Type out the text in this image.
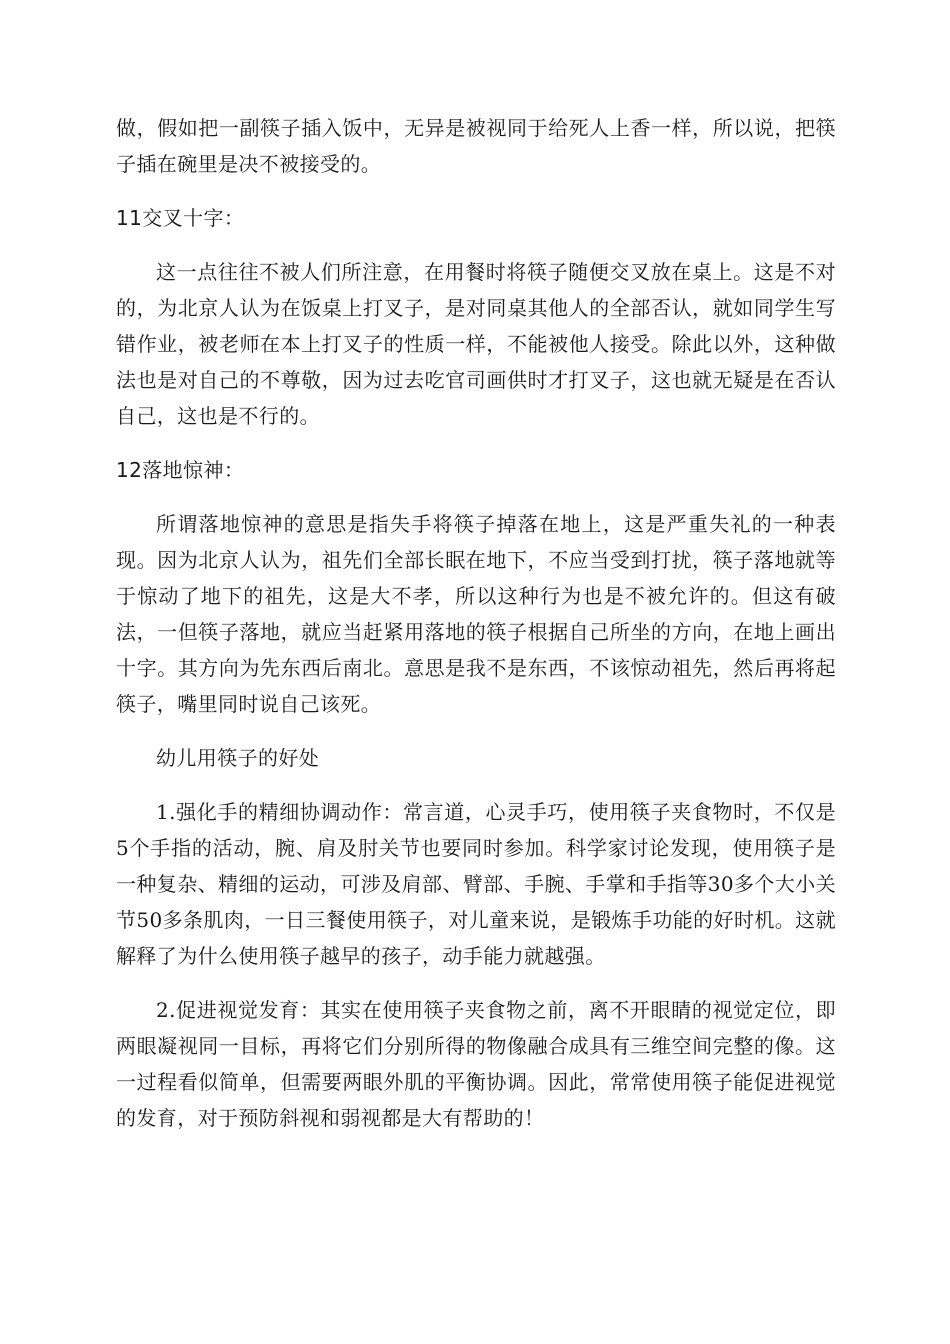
做，假如把一副筷子插入饭中，无异是被视同于给死人上香一样，所以说，把筷子插在碗里是决不被接受的。

11交叉十字：

这一点往往不被人们所注意，在用餐时将筷子随便交叉放在桌上。这是不对的，为北京人认为在饭桌上打叉子，是对同桌其他人的全部否认，就如同学生写错作业，被老师在本上打叉子的性质一样，不能被他人接受。除此以外，这种做法也是对自己的不尊敬，因为过去吃官司画供时才打叉子，这也就无疑是在否认自己，这也是不行的。

12落地惊神：

所谓落地惊神的意思是指失手将筷子掉落在地上，这是严重失礼的一种表现。因为北京人认为，祖先们全部长眠在地下，不应当受到打扰，筷子落地就等于惊动了地下的祖先，这是大不孝，所以这种行为也是不被允许的。但这有破法，一但筷子落地，就应当赶紧用落地的筷子根据自己所坐的方向，在地上画出十字。其方向为先东西后南北。意思是我不是东西，不该惊动祖先，然后再将起筷子，嘴里同时说自己该死。

幼儿用筷子的好处

1.强化手的精细协调动作：常言道，心灵手巧，使用筷子夹食物时，不仅是5个手指的活动，腕、肩及肘关节也要同时参加。科学家讨论发现，使用筷子是一种复杂、精细的运动，可涉及肩部、臂部、手腕、手掌和手指等30多个大小关节50多条肌肉，一日三餐使用筷子，对儿童来说，是锻炼手功能的好时机。这就解释了为什么使用筷子越早的孩子，动手能力就越强。

2.促进视觉发育：其实在使用筷子夹食物之前，离不开眼睛的视觉定位，即两眼凝视同一目标，再将它们分别所得的物像融合成具有三维空间完整的像。这一过程看似简单，但需要两眼外肌的平衡协调。因此，常常使用筷子能促进视觉的发育，对于预防斜视和弱视都是大有帮助的！
